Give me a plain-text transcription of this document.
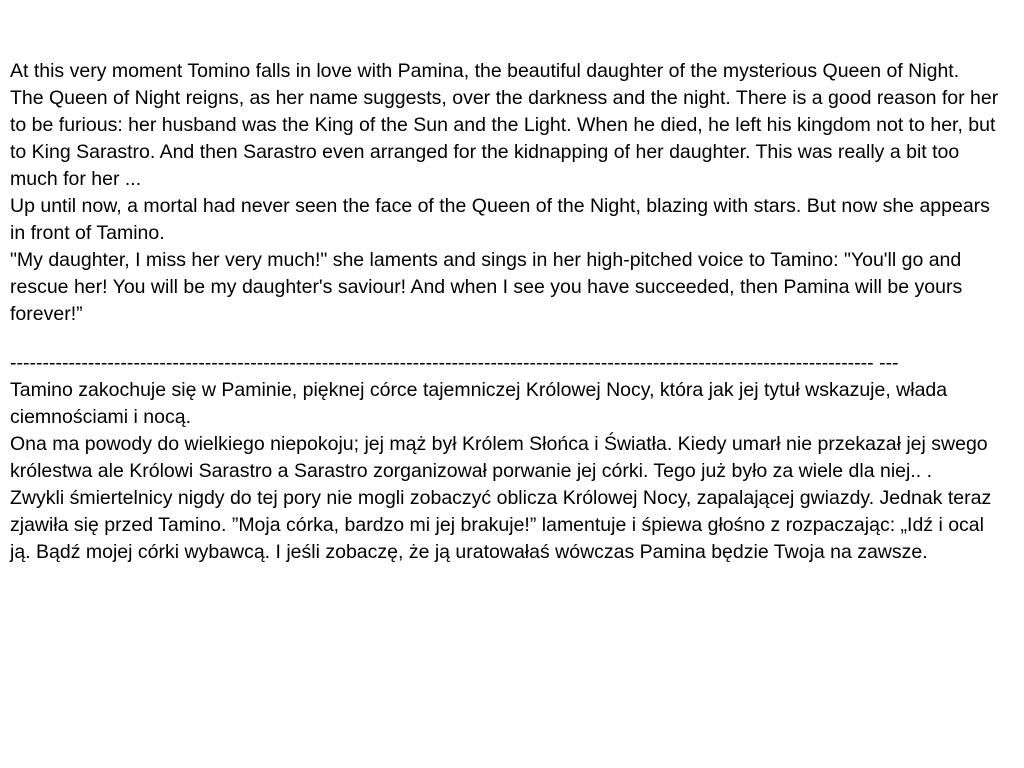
At this very moment Tomino falls in love with Pamina, the beautiful daughter of the mysterious Queen of Night.

The Queen of Night reigns, as her name suggests, over the darkness and the night. There is a good reason for her to be furious: her husband was the King of the Sun and the Light. When he died, he left his kingdom not to her, but to King Sarastro. And then Sarastro even arranged for the kidnapping of her daughter. This was really a bit too much for her ...

Up until now, a mortal had never seen the face of the Queen of the Night, blazing with stars. But now she appears in front of Tamino.

"My daughter, I miss her very much!" she laments and sings in her high-pitched voice to Tamino: "You'll go and rescue her! You will be my daughter's saviour! And when I see you have succeeded, then Pamina will be yours forever!”

------------------------------------------------------------------------------------------------------------------------------------- ---

Tamino zakochuje się w Paminie, pięknej córce tajemniczej Królowej Nocy, która jak jej tytuł wskazuje, włada ciemnościami i nocą.

Ona ma powody do wielkiego niepokoju; jej mąż był Królem Słońca i Światła. Kiedy umarł nie przekazał jej swego królestwa ale Królowi Sarastro a Sarastro zorganizował porwanie jej córki. Tego już było za wiele dla niej.. .

Zwykli śmiertelnicy nigdy do tej pory nie mogli zobaczyć oblicza Królowej Nocy, zapalającej gwiazdy. Jednak teraz zjawiła się przed Tamino. ”Moja córka, bardzo mi jej brakuje!” lamentuje i śpiewa głośno z rozpaczając: „Idź i ocal ją. Bądź mojej córki wybawcą. I jeśli zobaczę, że ją uratowałaś wówczas Pamina będzie Twoja na zawsze.
